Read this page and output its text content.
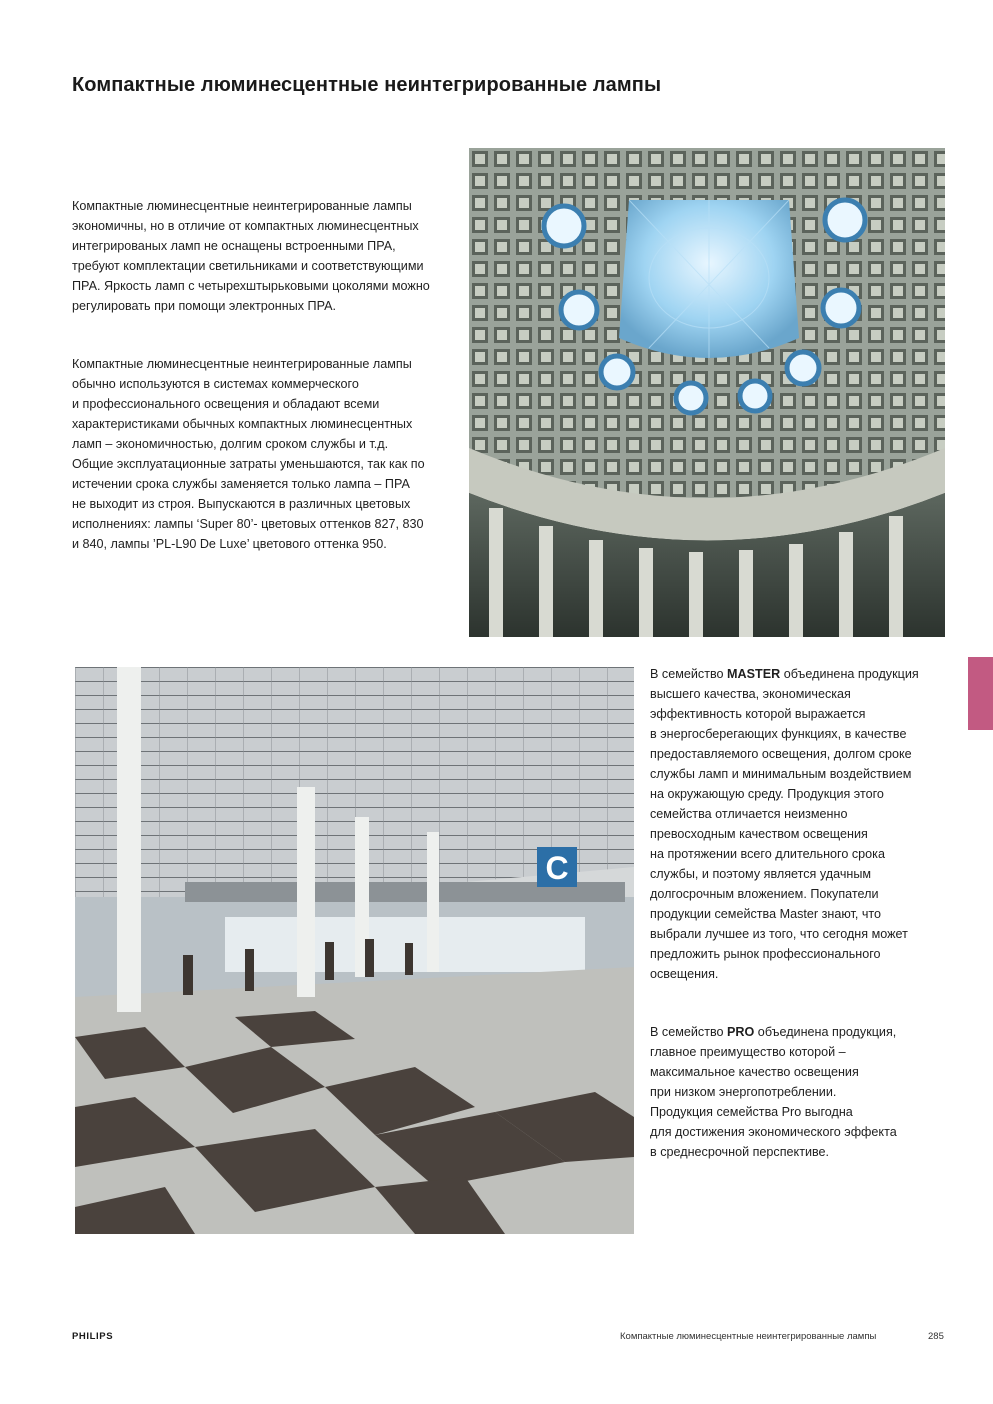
Компактные люминесцентные неинтегрированные лампы

Компактные люминесцентные неинтегрированные лампы
экономичны, но в отличие от компактных люминесцентных
интегрированых ламп не оснащены встроенными ПРА,
требуют комплектации светильниками и соответствующими
ПРА. Яркость ламп с четырехштырьковыми цоколями можно
регулировать при помощи электронных ПРА.

Компактные люминесцентные неинтегрированные лампы
обычно используются в системах коммерческого
и профессионального освещения и обладают всеми
характеристиками обычных компактных люминесцентных
ламп – экономичностью, долгим сроком службы и т.д.
Общие эксплуатационные затраты уменьшаются, так как по
истечении срока службы заменяется только лампа – ПРА
не выходит из строя. Выпускаются в различных цветовых
исполнениях: лампы ‘Super 80’- цветовых оттенков 827, 830
и 840, лампы ’PL-L90 De Luxe’ цветового оттенка 950.

C

В семейство MASTER объединена продукция
высшего качества, экономическая
эффективность которой выражается
в энергосберегающих функциях, в качестве
предоставляемого освещения, долгом сроке
службы ламп и минимальным воздействием
на окружающую среду. Продукция этого
семейства отличается неизменно
превосходным качеством освещения
на протяжении всего длительного срока
службы, и поэтому является удачным
долгосрочным вложением. Покупатели
продукции семейства Master знают, что
выбрали лучшее из того, что сегодня может
предложить рынок профессионального
освещения.

В семейство PRO объединена продукция,
главное преимущество которой –
максимальное качество освещения
при низком энергопотреблении.
Продукция семейства Pro выгодна
для достижения экономического эффекта
в среднесрочной перспективе.

PHILIPS	Компактные люминесцентные неинтегрированные лампы	285
